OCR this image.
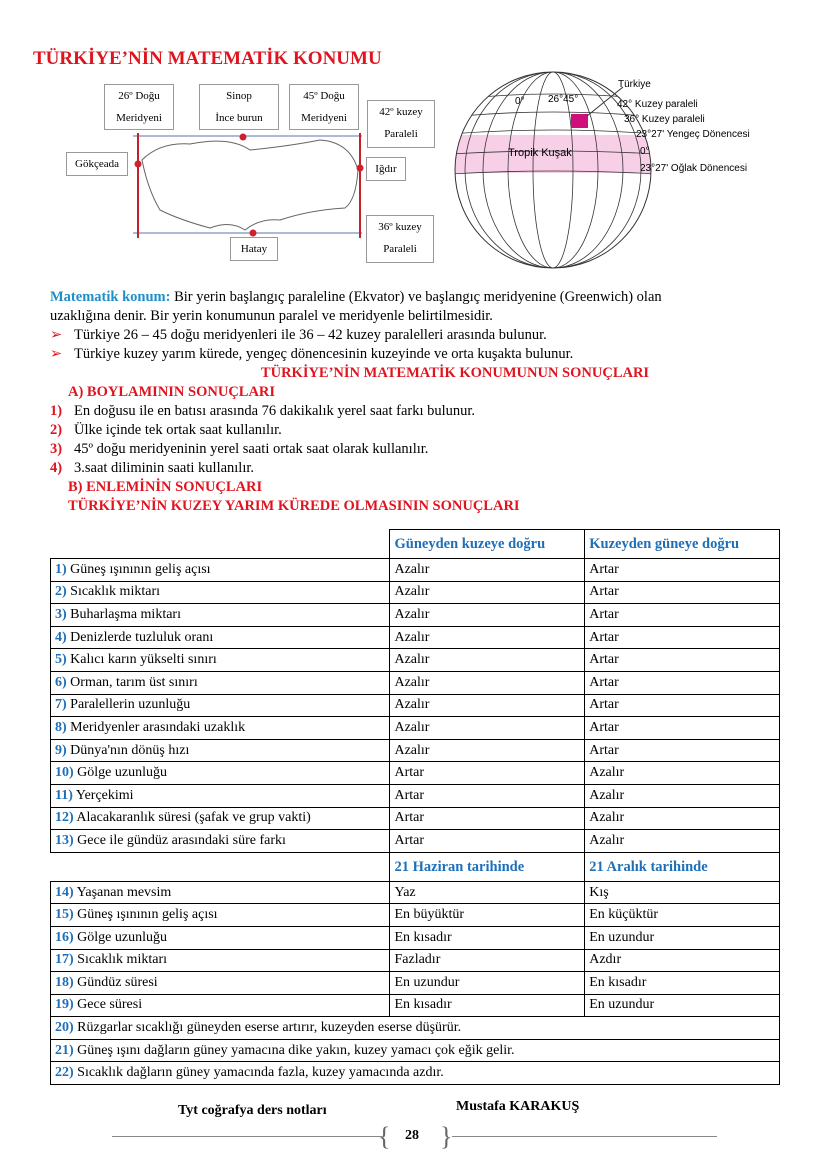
TÜRKİYE’NİN MATEMATİK KONUMU
26º Doğu
Meridyeni
Sinop
İnce burun
45º Doğu
Meridyeni	42º kuzey
Paraleli
Gökçeada	Iğdır
36º kuzey
Paraleli
Hatay
0° 26°45°
Türkiye
42° Kuzey paraleli
36° Kuzey paraleli
23°27' Yengeç Dönencesi
0°
23°27' Oğlak Dönencesi
Tropik Kuşak
Matematik konum: Bir yerin başlangıç paraleline (Ekvator) ve başlangıç meridyenine (Greenwich) olan
uzaklığına denir. Bir yerin konumunun paralel ve meridyenle belirtilmesidir.
➢ Türkiye 26 – 45 doğu meridyenleri ile 36 – 42 kuzey paralelleri arasında bulunur.
➢ Türkiye kuzey yarım kürede, yengeç dönencesinin kuzeyinde ve orta kuşakta bulunur.
TÜRKİYE’NİN MATEMATİK KONUMUNUN SONUÇLARI
A) BOYLAMININ SONUÇLARI
1) En doğusu ile en batısı arasında 76 dakikalık yerel saat farkı bulunur.
2) Ülke içinde tek ortak saat kullanılır.
3) 45º doğu meridyeninin yerel saati ortak saat olarak kullanılır.
4) 3.saat diliminin saati kullanılır.
B) ENLEMİNİN SONUÇLARI
TÜRKİYE’NİN KUZEY YARIM KÜREDE OLMASININ SONUÇLARI
	Güneyden kuzeye doğru	Kuzeyden güneye doğru
1) Güneş ışınının geliş açısı	Azalır	Artar
2) Sıcaklık miktarı	Azalır	Artar
3) Buharlaşma miktarı	Azalır	Artar
4) Denizlerde tuzluluk oranı	Azalır	Artar
5) Kalıcı karın yükselti sınırı	Azalır	Artar
6) Orman, tarım üst sınırı	Azalır	Artar
7) Paralellerin uzunluğu	Azalır	Artar
8) Meridyenler arasındaki uzaklık	Azalır	Artar
9) Dünya'nın dönüş hızı	Azalır	Artar
10) Gölge uzunluğu	Artar	Azalır
11) Yerçekimi	Artar	Azalır
12) Alacakaranlık süresi (şafak ve grup vakti)	Artar	Azalır
13) Gece ile gündüz arasındaki süre farkı	Artar	Azalır
	21 Haziran tarihinde	21 Aralık tarihinde
14) Yaşanan mevsim	Yaz	Kış
15) Güneş ışınının geliş açısı	En büyüktür	En küçüktür
16) Gölge uzunluğu	En kısadır	En uzundur
17) Sıcaklık miktarı	Fazladır	Azdır
18) Gündüz süresi	En uzundur	En kısadır
19) Gece süresi	En kısadır	En uzundur
20) Rüzgarlar sıcaklığı güneyden eserse artırır, kuzeyden eserse düşürür.		
21) Güneş ışını dağların güney yamacına dike yakın, kuzey yamacı çok eğik gelir.		
22) Sıcaklık dağların güney yamacında fazla, kuzey yamacında azdır.		
Tyt coğrafya ders notları	Mustafa KARAKUŞ
{ }
28
